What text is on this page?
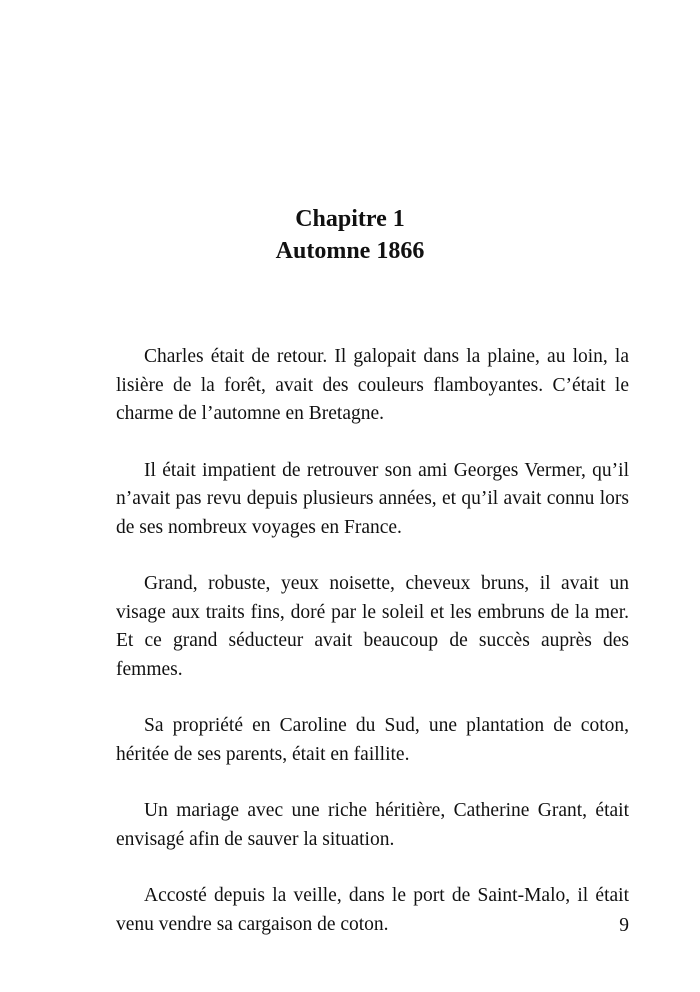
Chapitre 1
Automne 1866

Charles était de retour. Il galopait dans la plaine, au loin, la lisière de la forêt, avait des couleurs flamboyantes. C’était le charme de l’automne en Bretagne.

Il était impatient de retrouver son ami Georges Vermer, qu’il n’avait pas revu depuis plusieurs années, et qu’il avait connu lors de ses nombreux voyages en France.

Grand, robuste, yeux noisette, cheveux bruns, il avait un visage aux traits fins, doré par le soleil et les embruns de la mer. Et ce grand séducteur avait beaucoup de succès auprès des femmes.

Sa propriété en Caroline du Sud, une plantation de coton, héritée de ses parents, était en faillite.

Un mariage avec une riche héritière, Catherine Grant, était envisagé afin de sauver la situation.

Accosté depuis la veille, dans le port de Saint-Malo, il était venu vendre sa cargaison de coton.	9
